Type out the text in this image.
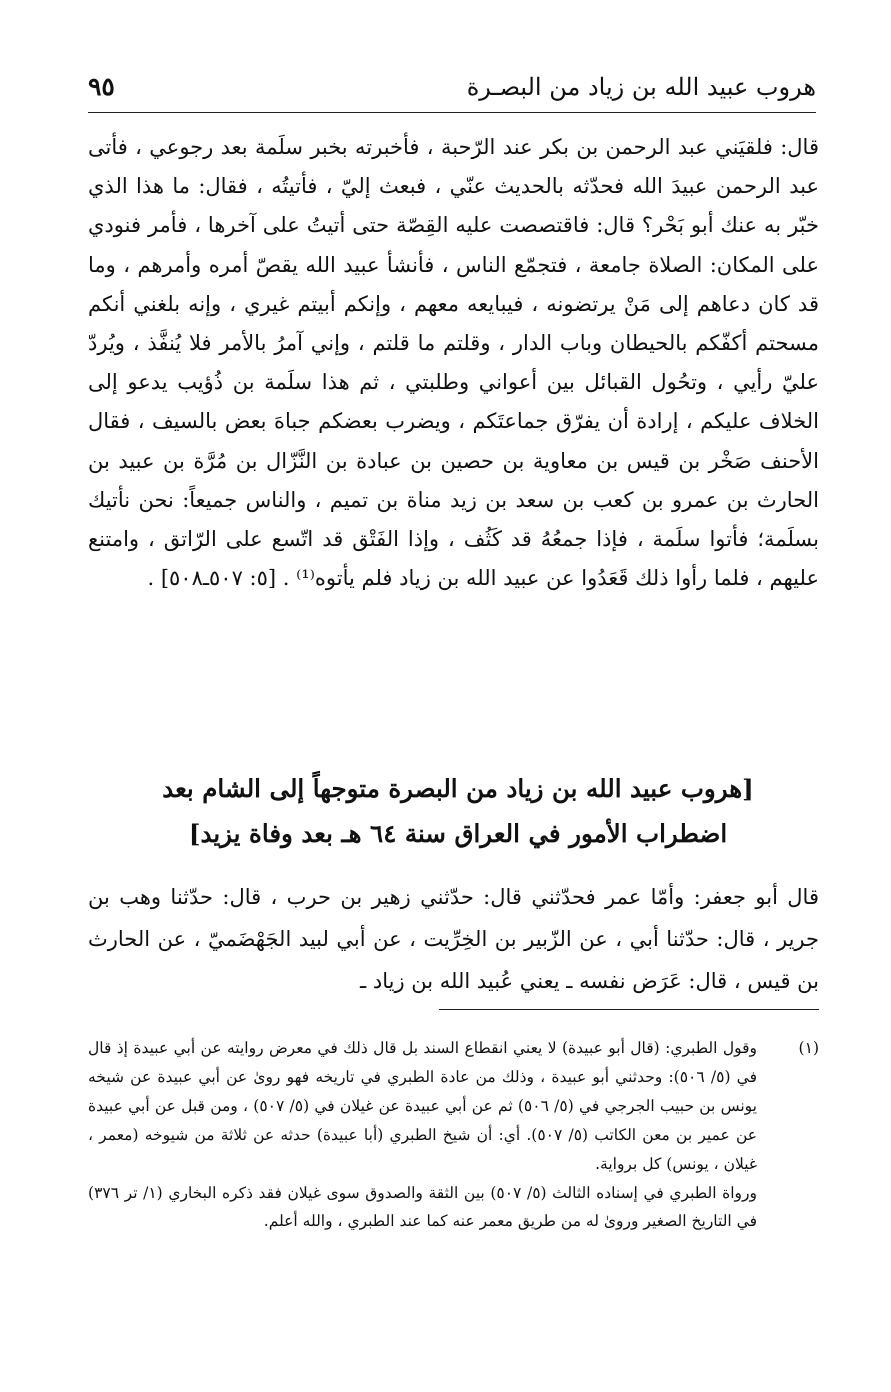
هروب عبيد الله بن زياد من البصـرة
٩٥

قال: فلقيَني عبد الرحمن بن بكر عند الرّحبة ، فأخبرته بخبر سلَمة بعد رجوعي ، فأتى عبد الرحمن عبيدَ الله فحدّثه بالحديث عنّي ، فبعث إليّ ، فأتيتُه ، فقال: ما هذا الذي خبّر به عنك أبو بَحْر؟ قال: فاقتصصت عليه القِصّة حتى أتيتُ على آخرها ، فأمر فنودي على المكان: الصلاة جامعة ، فتجمّع الناس ، فأنشأ عبيد الله يقصّ أمره وأمرهم ، وما قد كان دعاهم إلى مَنْ يرتضونه ، فيبايعه معهم ، وإنكم أبيتم غيري ، وإنه بلغني أنكم مسحتم أكفّكم بالحيطان وباب الدار ، وقلتم ما قلتم ، وإني آمرُ بالأمر فلا يُنفَّذ ، ويُردّ عليّ رأيي ، وتحُول القبائل بين أعواني وطلبتي ، ثم هذا سلَمة بن ذُؤيب يدعو إلى الخلاف عليكم ، إرادة أن يفرّق جماعتَكم ، ويضرب بعضكم جباهَ بعض بالسيف ، فقال الأحنف صَخْر بن قيس بن معاوية بن حصين بن عبادة بن النَّزّال بن مُرَّة بن عبيد بن الحارث بن عمرو بن كعب بن سعد بن زيد مناة بن تميم ، والناس جميعاً: نحن نأتيك بسلَمة؛ فأتوا سلَمة ، فإذا جمعُهُ قد كَثُف ، وإذا الفَتْق قد اتّسع على الرّاتق ، وامتنع عليهم ، فلما رأوا ذلك قَعَدُوا عن عبيد الله بن زياد فلم يأتوه⁽¹⁾ . [٥: ٥٠٧ـ٥٠٨] .

[هروب عبيد الله بن زياد من البصرة متوجهاً إلى الشام بعد
اضطراب الأمور في العراق سنة ٦٤ هـ بعد وفاة يزيد]

قال أبو جعفر: وأمّا عمر فحدّثني قال: حدّثني زهير بن حرب ، قال: حدّثنا وهب بن جرير ، قال: حدّثنا أبي ، عن الزّبير بن الخِرِّيت ، عن أبي لبيد الجَهْضَميّ ، عن الحارث بن قيس ، قال: عَرَض نفسه ـ يعني عُبيد الله بن زياد ـ

(١)

وقول الطبري: (قال أبو عبيدة) لا يعني انقطاع السند بل قال ذلك في معرض روايته عن أبي عبيدة إذ قال في (٥/ ٥٠٦): وحدثني أبو عبيدة ، وذلك من عادة الطبري في تاريخه فهو روىٰ عن أبي عبيدة عن شيخه يونس بن حبيب الجرجي في (٥/ ٥٠٦) ثم عن أبي عبيدة عن غيلان في (٥/ ٥٠٧) ، ومن قبل عن أبي عبيدة عن عمير بن معن الكاتب (٥/ ٥٠٧). أي: أن شيخ الطبري (أبا عبيدة) حدثه عن ثلاثة من شيوخه (معمر ، غيلان ، يونس) كل برواية.

ورواة الطبري في إسناده الثالث (٥/ ٥٠٧) بين الثقة والصدوق سوى غيلان فقد ذكره البخاري (١/ تر ٣٧٦) في التاريخ الصغير وروىٰ له من طريق معمر عنه كما عند الطبري ، والله أعلم.
